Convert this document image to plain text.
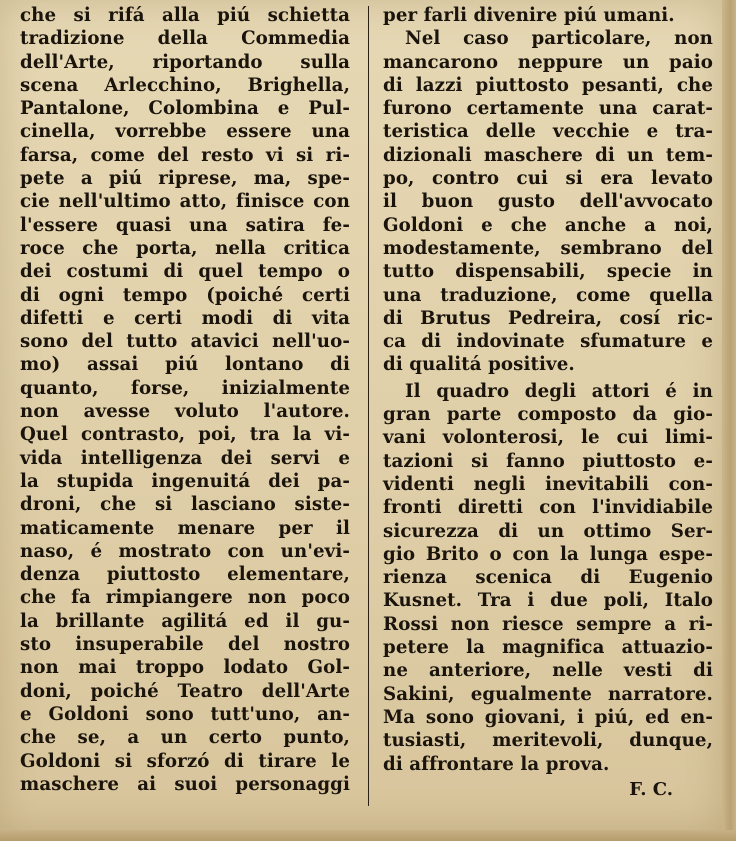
che si rifá alla piú schietta
tradizione della Commedia
dell'Arte, riportando sulla
scena Arlecchino, Brighella,
Pantalone, Colombina e Pul-
cinella, vorrebbe essere una
farsa, come del resto vi si ri-
pete a piú riprese, ma, spe-
cie nell'ultimo atto, finisce con
l'essere quasi una satira fe-
roce che porta, nella critica
dei costumi di quel tempo o
di ogni tempo (poiché certi
difetti e certi modi di vita
sono del tutto atavici nell'uo-
mo) assai piú lontano di
quanto, forse, inizialmente
non avesse voluto l'autore.
Quel contrasto, poi, tra la vi-
vida intelligenza dei servi e
la stupida ingenuitá dei pa-
droni, che si lasciano siste-
maticamente menare per il
naso, é mostrato con un'evi-
denza piuttosto elementare,
che fa rimpiangere non poco
la brillante agilitá ed il gu-
sto insuperabile del nostro
non mai troppo lodato Gol-
doni, poiché Teatro dell'Arte
e Goldoni sono tutt'uno, an-
che se, a un certo punto,
Goldoni si sforzó di tirare le
maschere ai suoi personaggi
per farli divenire piú umani.
Nel caso particolare, non
mancarono neppure un paio
di lazzi piuttosto pesanti, che
furono certamente una carat-
teristica delle vecchie e tra-
dizionali maschere di un tem-
po, contro cui si era levato
il buon gusto dell'avvocato
Goldoni e che anche a noi,
modestamente, sembrano del
tutto dispensabili, specie in
una traduzione, come quella
di Brutus Pedreira, cosí ric-
ca di indovinate sfumature e
di qualitá positive.
Il quadro degli attori é in
gran parte composto da gio-
vani volonterosi, le cui limi-
tazioni si fanno piuttosto e-
videnti negli inevitabili con-
fronti diretti con l'invidiabile
sicurezza di un ottimo Ser-
gio Brito o con la lunga espe-
rienza scenica di Eugenio
Kusnet. Tra i due poli, Italo
Rossi non riesce sempre a ri-
petere la magnifica attuazio-
ne anteriore, nelle vesti di
Sakini, egualmente narratore.
Ma sono giovani, i piú, ed en-
tusiasti, meritevoli, dunque,
di affrontare la prova.
F. C.
